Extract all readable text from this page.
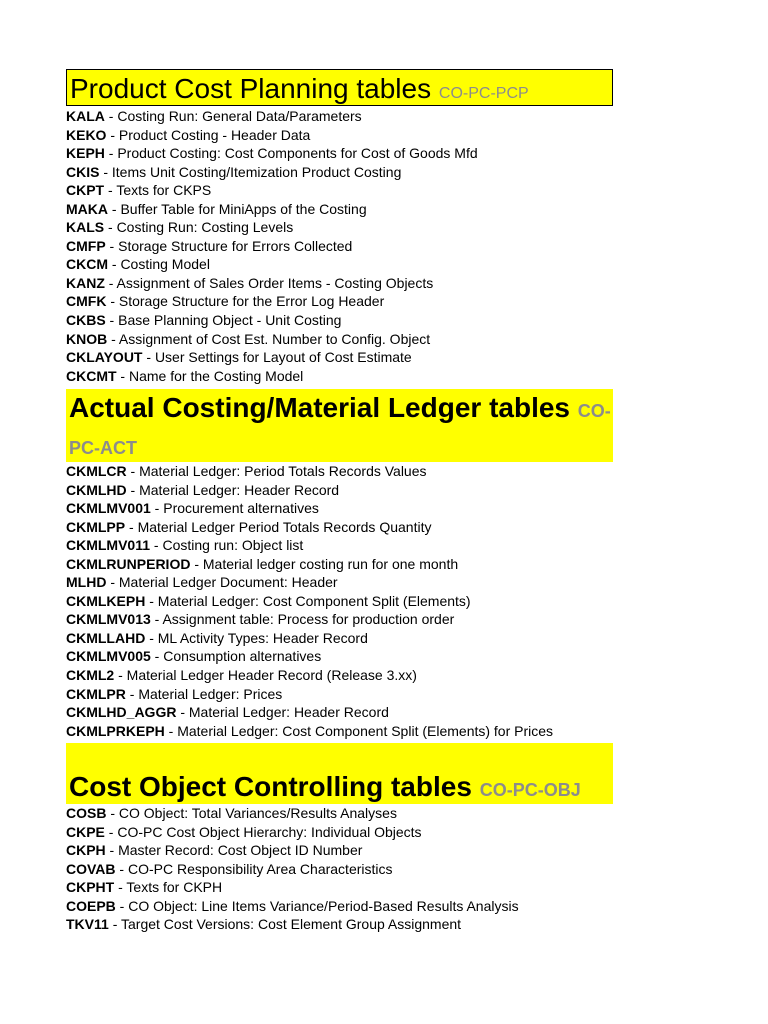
Product Cost Planning tables CO-PC-PCP
KALA - Costing Run: General Data/Parameters
KEKO - Product Costing - Header Data
KEPH - Product Costing: Cost Components for Cost of Goods Mfd
CKIS - Items Unit Costing/Itemization Product Costing
CKPT - Texts for CKPS
MAKA - Buffer Table for MiniApps of the Costing
KALS - Costing Run: Costing Levels
CMFP - Storage Structure for Errors Collected
CKCM - Costing Model
KANZ - Assignment of Sales Order Items - Costing Objects
CMFK - Storage Structure for the Error Log Header
CKBS - Base Planning Object - Unit Costing
KNOB - Assignment of Cost Est. Number to Config. Object
CKLAYOUT - User Settings for Layout of Cost Estimate
CKCMT - Name for the Costing Model
Actual Costing/Material Ledger tables CO-PC-ACT
CKMLCR - Material Ledger: Period Totals Records Values
CKMLHD - Material Ledger: Header Record
CKMLMV001 - Procurement alternatives
CKMLPP - Material Ledger Period Totals Records Quantity
CKMLMV011 - Costing run: Object list
CKMLRUNPERIOD - Material ledger costing run for one month
MLHD - Material Ledger Document: Header
CKMLKEPH - Material Ledger: Cost Component Split (Elements)
CKMLMV013 - Assignment table: Process for production order
CKMLLAHD - ML Activity Types: Header Record
CKMLMV005 - Consumption alternatives
CKML2 - Material Ledger Header Record (Release 3.xx)
CKMLPR - Material Ledger: Prices
CKMLHD_AGGR - Material Ledger: Header Record
CKMLPRKEPH - Material Ledger: Cost Component Split (Elements) for Prices
Cost Object Controlling tables CO-PC-OBJ
COSB - CO Object: Total Variances/Results Analyses
CKPE - CO-PC Cost Object Hierarchy: Individual Objects
CKPH - Master Record: Cost Object ID Number
COVAB - CO-PC Responsibility Area Characteristics
CKPHT - Texts for CKPH
COEPB - CO Object: Line Items Variance/Period-Based Results Analysis
TKV11 - Target Cost Versions: Cost Element Group Assignment
